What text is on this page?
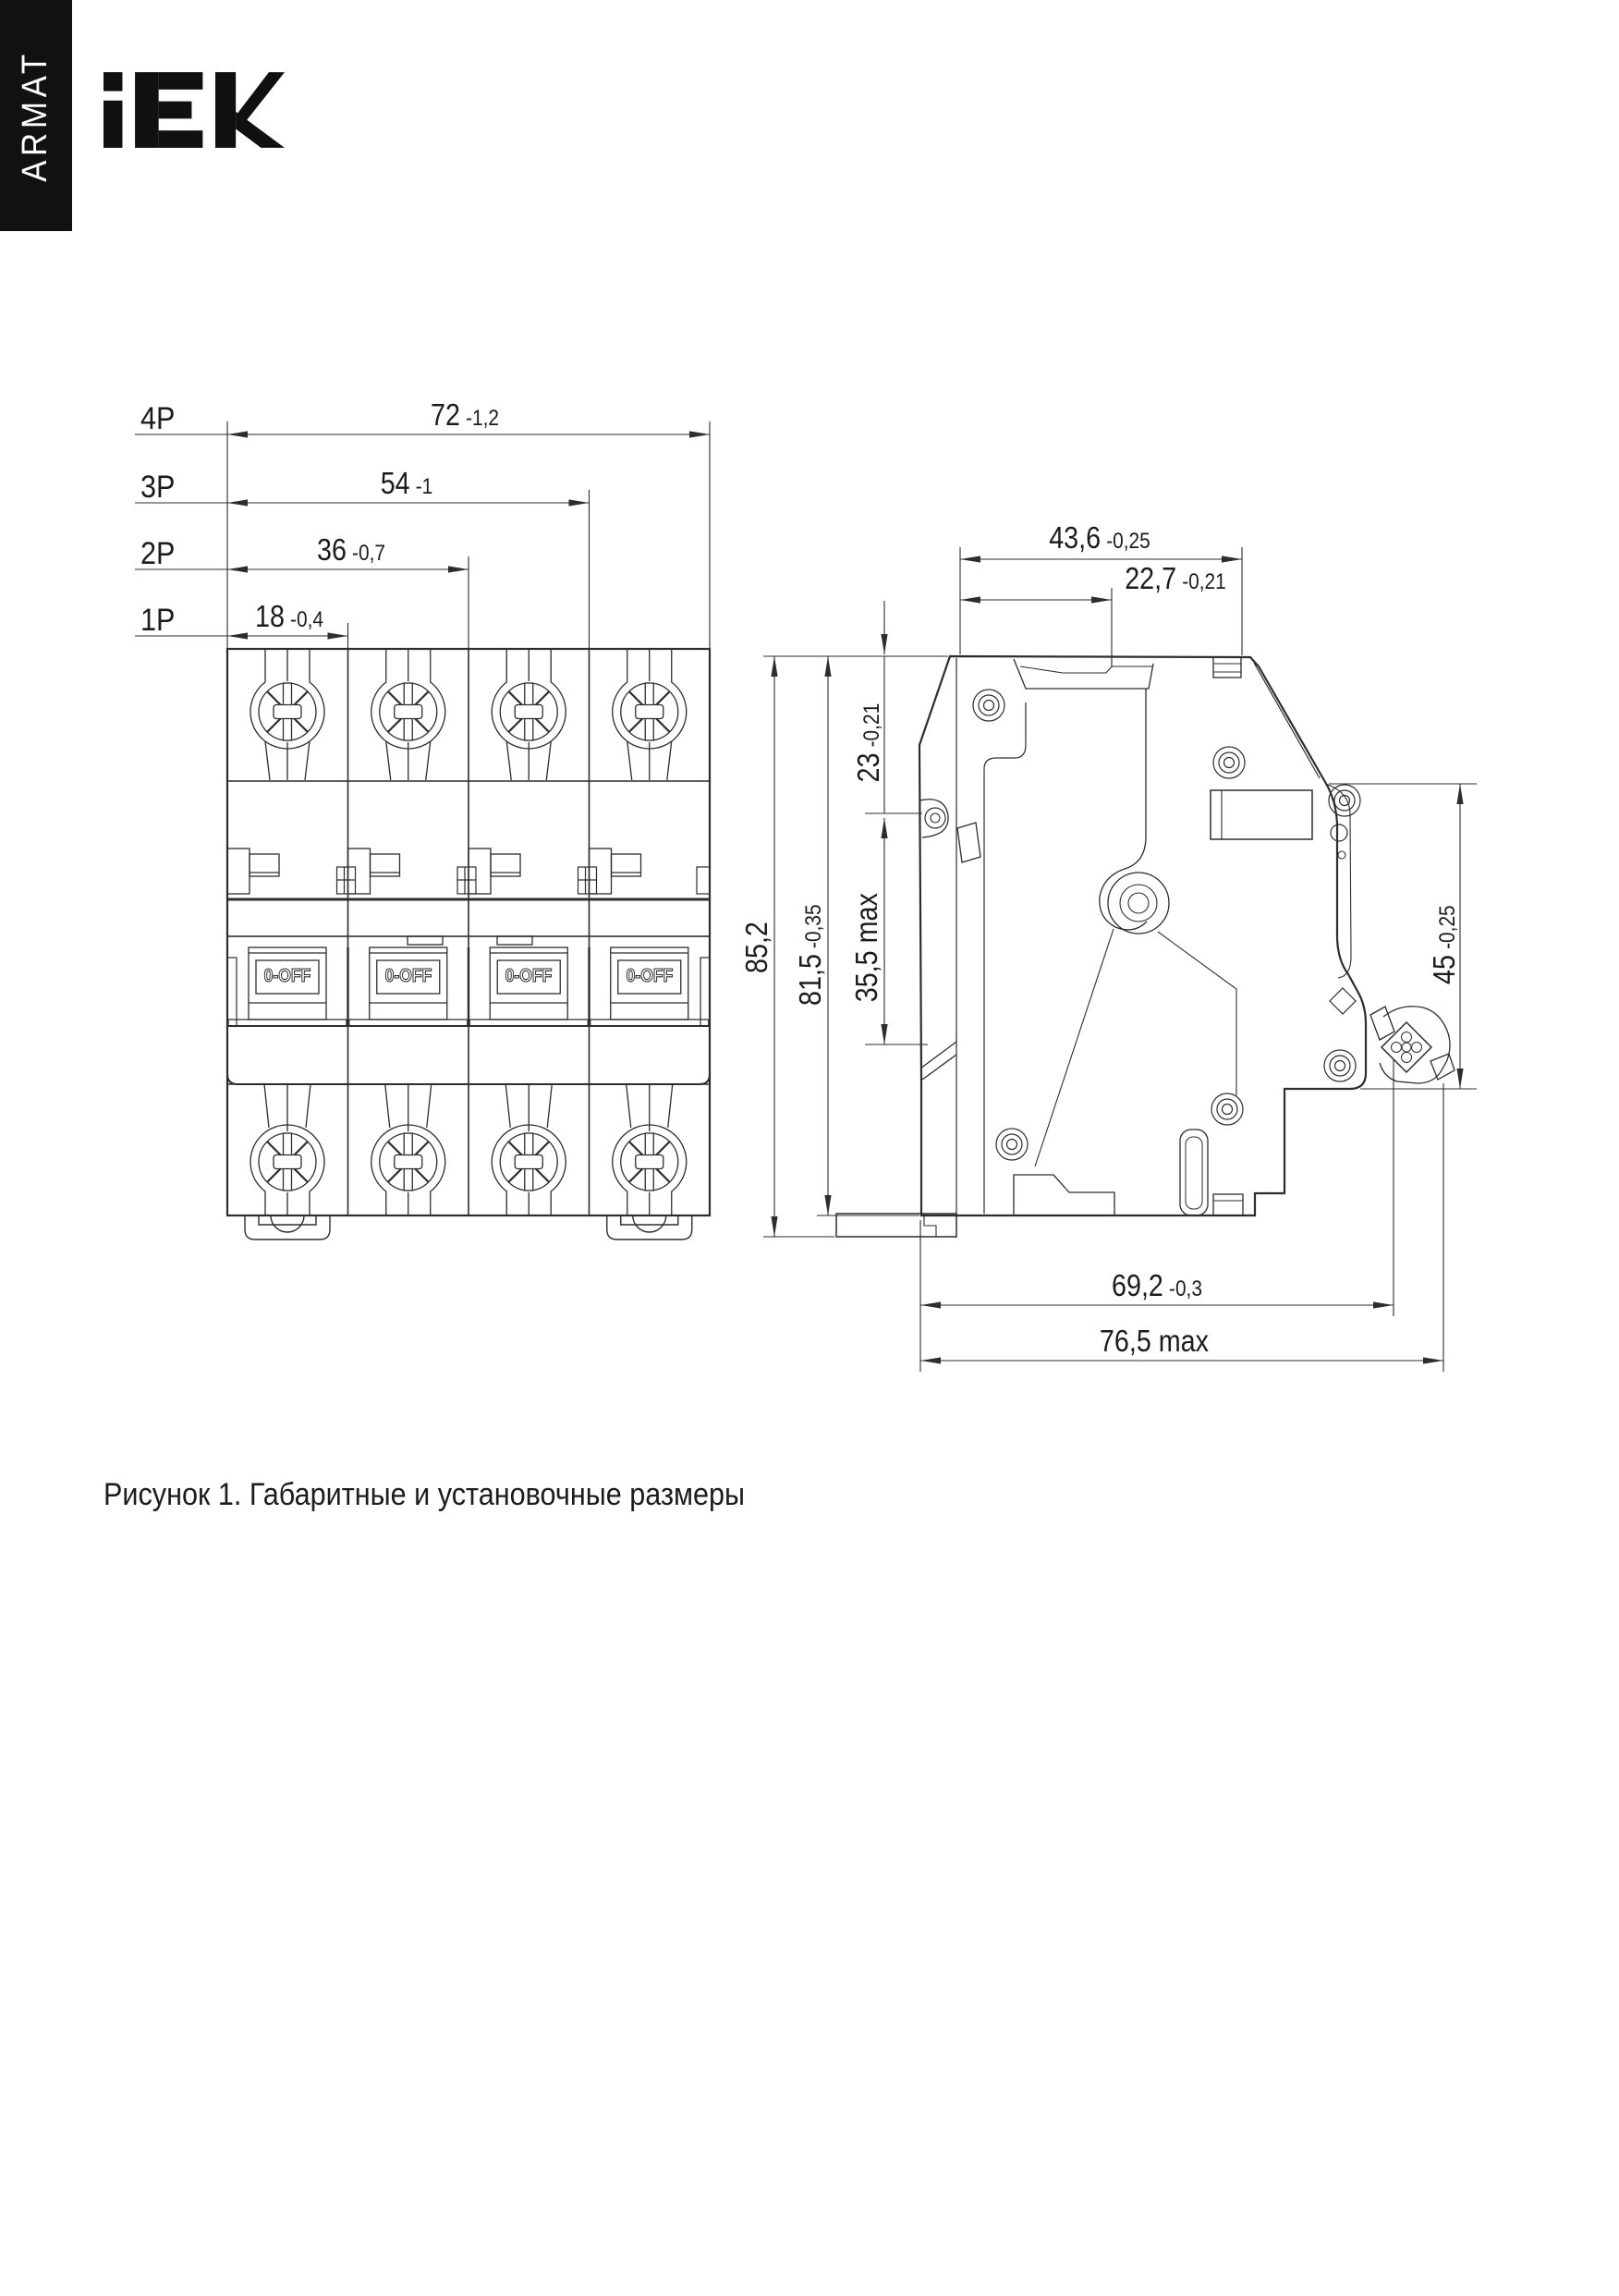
ARMAT
4P
3P
2P
1P
72 -1,2
54 -1
36 -0,7
18 -0,4
43,6 -0,25
22,7 -0,21
69,2 -0,3
76,5 max
85,2
81,5-0,35
23-0,21
35,5 max	45-0,25
0-OFF	0-OFF	0-OFF	0-OFF
Рисунок 1. Габаритные и установочные размеры
